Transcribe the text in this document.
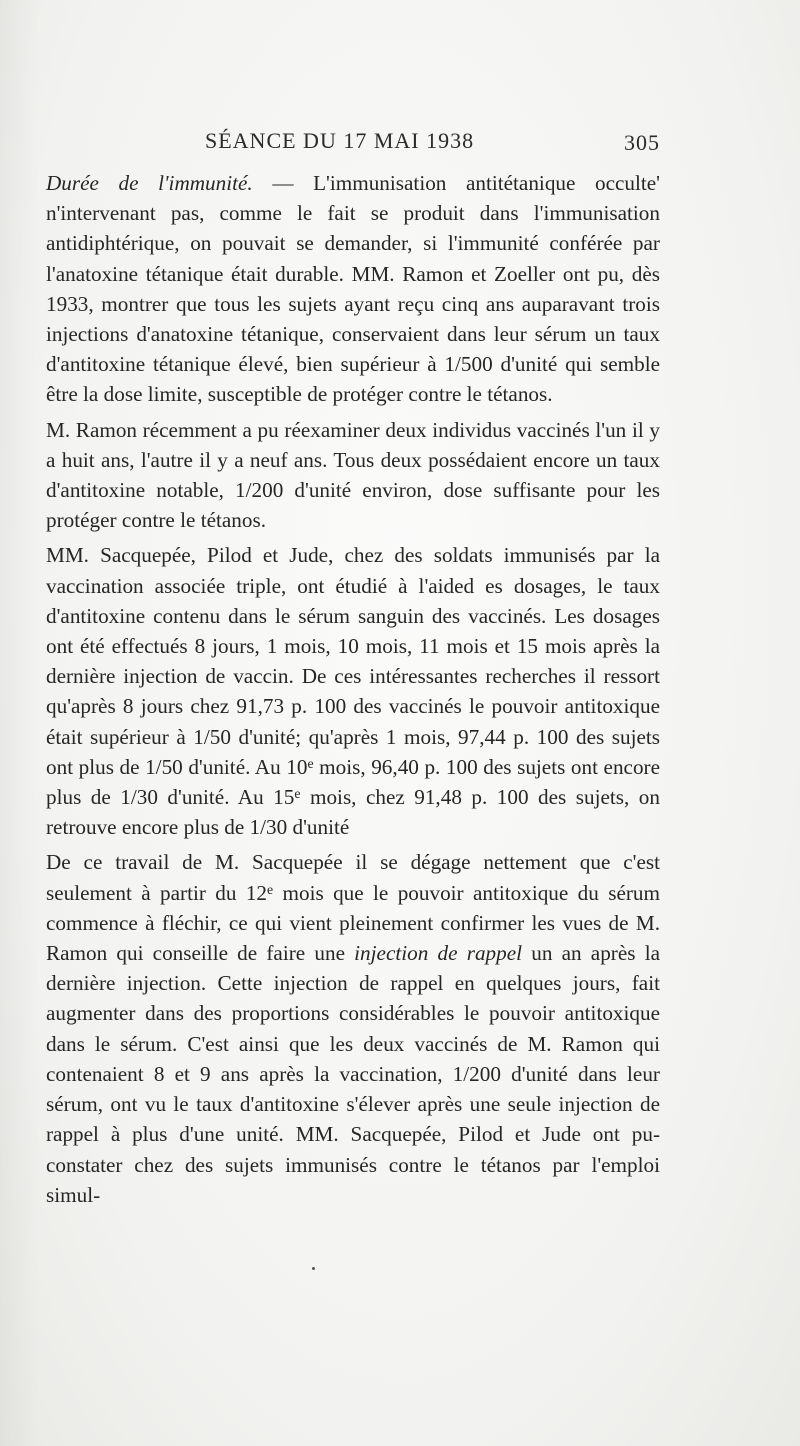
SÉANCE DU 17 MAI 1938	305

Durée de l'immunité. — L'immunisation antitétanique occulte' n'intervenant pas, comme le fait se produit dans l'immunisation antidiphtérique, on pouvait se demander, si l'immunité conférée par l'anatoxine tétanique était durable. MM. Ramon et Zoeller ont pu, dès 1933, montrer que tous les sujets ayant reçu cinq ans auparavant trois injections d'anatoxine tétanique, conservaient dans leur sérum un taux d'antitoxine tétanique élevé, bien supérieur à 1/500 d'unité qui semble être la dose limite, susceptible de protéger contre le tétanos.

M. Ramon récemment a pu réexaminer deux individus vaccinés l'un il y a huit ans, l'autre il y a neuf ans. Tous deux possédaient encore un taux d'antitoxine notable, 1/200 d'unité environ, dose suffisante pour les protéger contre le tétanos.

MM. Sacquepée, Pilod et Jude, chez des soldats immunisés par la vaccination associée triple, ont étudié à l'aided es dosages, le taux d'antitoxine contenu dans le sérum sanguin des vaccinés. Les dosages ont été effectués 8 jours, 1 mois, 10 mois, 11 mois et 15 mois après la dernière injection de vaccin. De ces intéressantes recherches il ressort qu'après 8 jours chez 91,73 p. 100 des vaccinés le pouvoir antitoxique était supérieur à 1/50 d'unité; qu'après 1 mois, 97,44 p. 100 des sujets ont plus de 1/50 d'unité. Au 10e mois, 96,40 p. 100 des sujets ont encore plus de 1/30 d'unité. Au 15e mois, chez 91,48 p. 100 des sujets, on retrouve encore plus de 1/30 d'unité

De ce travail de M. Sacquepée il se dégage nettement que c'est seulement à partir du 12e mois que le pouvoir antitoxique du sérum commence à fléchir, ce qui vient pleinement confirmer les vues de M. Ramon qui conseille de faire une injection de rappel un an après la dernière injection. Cette injection de rappel en quelques jours, fait augmenter dans des proportions considérables le pouvoir antitoxique dans le sérum. C'est ainsi que les deux vaccinés de M. Ramon qui contenaient 8 et 9 ans après la vaccination, 1/200 d'unité dans leur sérum, ont vu le taux d'antitoxine s'élever après une seule injection de rappel à plus d'une unité. MM. Sacquepée, Pilod et Jude ont pu- constater chez des sujets immunisés contre le tétanos par l'emploi simul-
